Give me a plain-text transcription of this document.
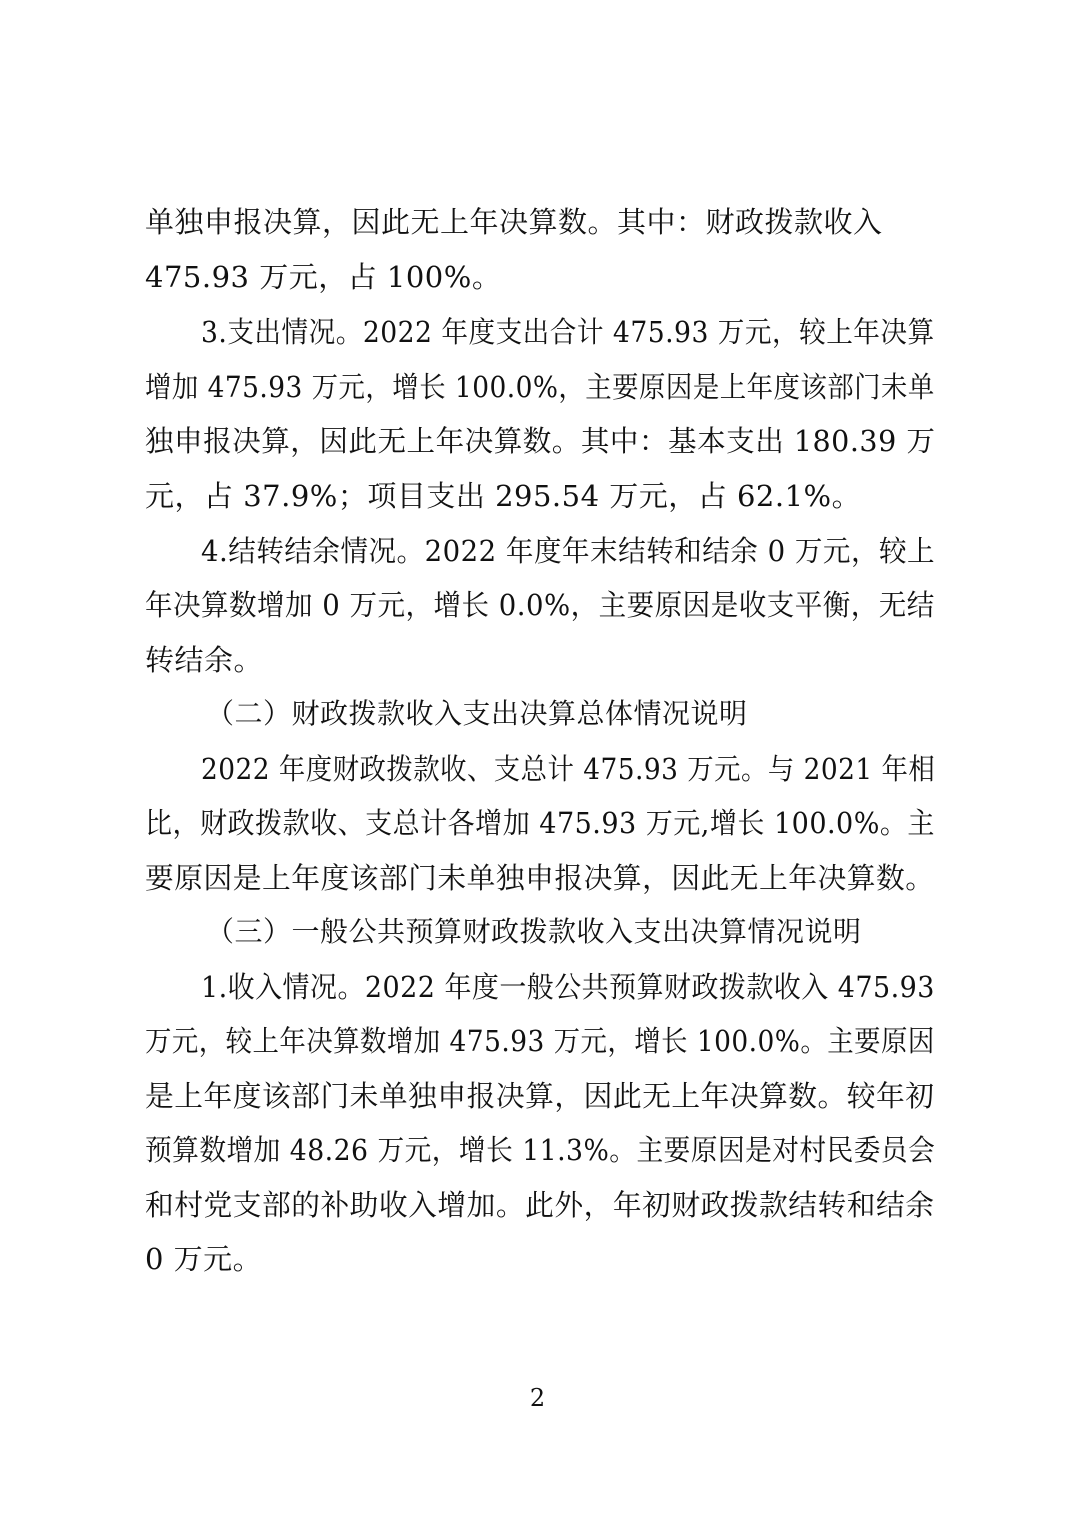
单独申报决算，因此无上年决算数。其中：财政拨款收入
475.93 万元，占 100%。
3.支出情况。2022 年度支出合计 475.93 万元，较上年决算
增加 475.93 万元，增长 100.0%，主要原因是上年度该部门未单
独申报决算，因此无上年决算数。其中：基本支出 180.39 万
元，占 37.9%；项目支出 295.54 万元，占 62.1%。
4.结转结余情况。2022 年度年末结转和结余 0 万元，较上
年决算数增加 0 万元，增长 0.0%，主要原因是收支平衡，无结
转结余。
（二）财政拨款收入支出决算总体情况说明
2022 年度财政拨款收、支总计 475.93 万元。与 2021 年相
比，财政拨款收、支总计各增加 475.93 万元,增长 100.0%。主
要原因是上年度该部门未单独申报决算，因此无上年决算数。
（三）一般公共预算财政拨款收入支出决算情况说明
1.收入情况。2022 年度一般公共预算财政拨款收入 475.93
万元，较上年决算数增加 475.93 万元，增长 100.0%。主要原因
是上年度该部门未单独申报决算，因此无上年决算数。较年初
预算数增加 48.26 万元，增长 11.3%。主要原因是对村民委员会
和村党支部的补助收入增加。此外，年初财政拨款结转和结余
0 万元。
2
